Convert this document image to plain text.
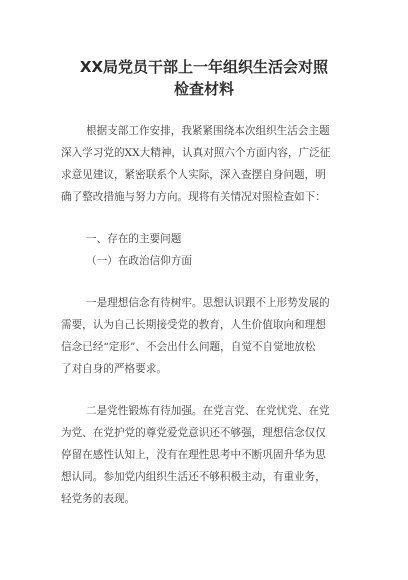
XX局党员干部上一年组织生活会对照
检查材料
根据支部工作安排，我紧紧围绕本次组织生活会主题
深入学习党的XX大精神，认真对照六个方面内容，广泛征
求意见建议，紧密联系个人实际，深入查摆自身问题，明
确了整改措施与努力方向。现将有关情况对照检查如下：
一、存在的主要问题
（一）在政治信仰方面
一是理想信念有待树牢。思想认识跟不上形势发展的
需要，认为自己长期接受党的教育，人生价值取向和理想
信念已经“定形”、不会出什么问题，自觉不自觉地放松
了对自身的严格要求。
二是党性锻炼有待加强。在党言党、在党忧党、在党
为党、在党护党的尊党爱党意识还不够强，理想信念仅仅
停留在感性认知上，没有在理性思考中不断巩固升华为思
想认同。参加党内组织生活还不够积极主动，有重业务，
轻党务的表现。
